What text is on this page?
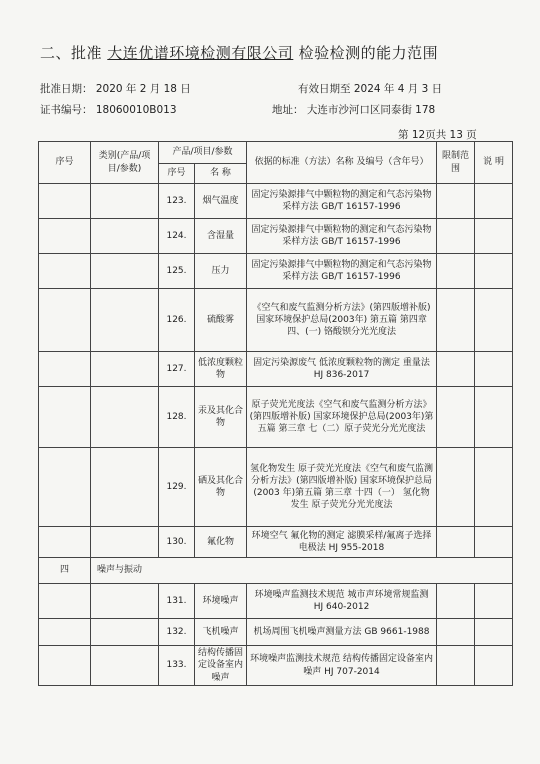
二、批准 大连优谱环境检测有限公司 检验检测的能力范围
批准日期： 2020 年 2 月 18 日	有效日期至 2024 年 4 月 3 日
证书编号： 18060010B013	地址： 大连市沙河口区同泰街 178
第 12页共 13 页
序号	类别(产品/项目/参数)	产品/项目/参数		依据的标准（方法）名称 及编号（含年号）	限制范围	说 明
		序号	名 称			
		123.	烟气温度	固定污染源排气中颗粒物的测定和气态污染物采样方法 GB/T 16157-1996		
		124.	含湿量	固定污染源排气中颗粒物的测定和气态污染物采样方法 GB/T 16157-1996		
		125.	压力	固定污染源排气中颗粒物的测定和气态污染物采样方法 GB/T 16157-1996		
		126.	硫酸雾	《空气和废气监测分析方法》(第四版增补版) 国家环境保护总局(2003年) 第五篇 第四章 四、(一) 铬酸钡分光光度法		
		127.	低浓度颗粒物	固定污染源废气 低浓度颗粒物的测定 重量法 HJ 836-2017		
		128.	汞及其化合物	原子荧光光度法《空气和废气监测分析方法》(第四版增补版) 国家环境保护总局(2003年)第五篇 第三章 七（二）原子荧光分光光度法		
		129.	硒及其化合物	氢化物发生 原子荧光光度法《空气和废气监测分析方法》(第四版增补版) 国家环境保护总局(2003 年)第五篇 第三章 十四（一） 氢化物发生 原子荧光分光光度法		
		130.	氟化物	环境空气 氟化物的测定 滤膜采样/氟离子选择电极法 HJ 955-2018		
四	噪声与振动					
		131.	环境噪声	环境噪声监测技术规范 城市声环境常规监测 HJ 640-2012		
		132.	飞机噪声	机场周围飞机噪声测量方法 GB 9661-1988		
		133.	结构传播固定设备室内噪声	环境噪声监测技术规范 结构传播固定设备室内噪声 HJ 707-2014		
